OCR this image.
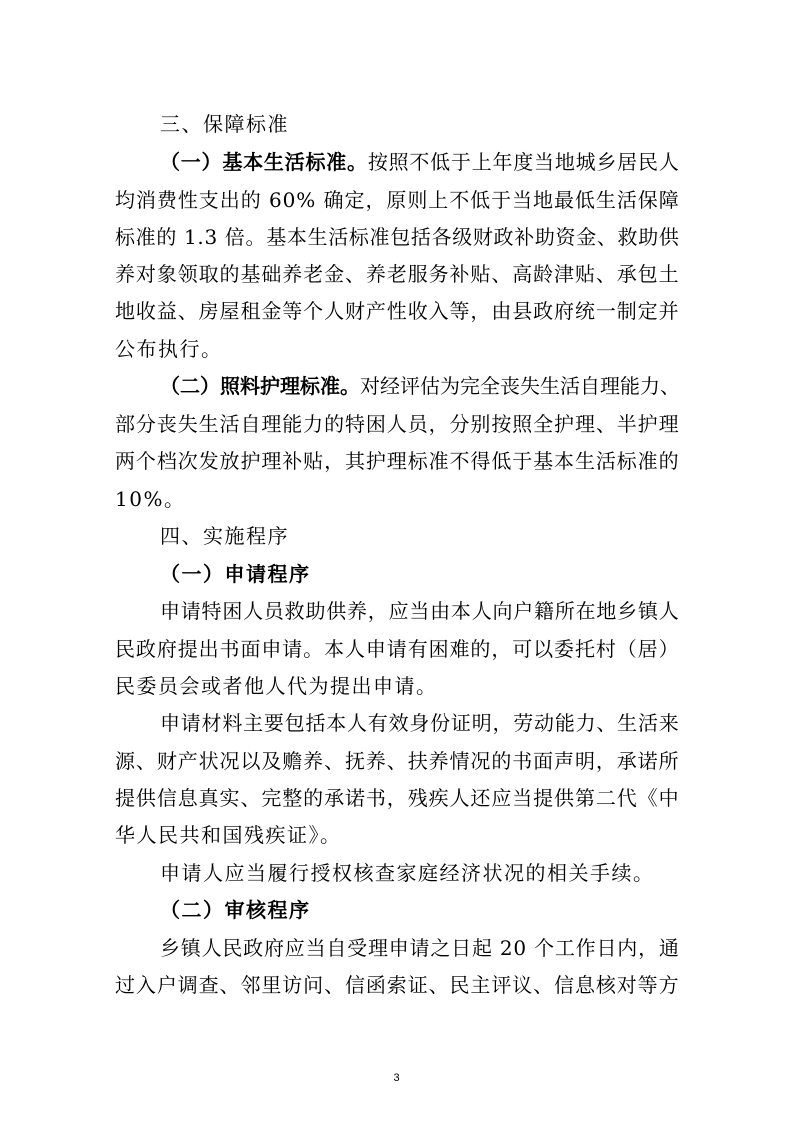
三、保障标准
（一）基本生活标准。按照不低于上年度当地城乡居民人
均消费性支出的 60% 确定，原则上不低于当地最低生活保障
标准的 1.3 倍。基本生活标准包括各级财政补助资金、救助供
养对象领取的基础养老金、养老服务补贴、高龄津贴、承包土
地收益、房屋租金等个人财产性收入等，由县政府统一制定并
公布执行。
（二）照料护理标准。对经评估为完全丧失生活自理能力、
部分丧失生活自理能力的特困人员，分别按照全护理、半护理
两个档次发放护理补贴，其护理标准不得低于基本生活标准的
10%。
四、实施程序
（一）申请程序
申请特困人员救助供养，应当由本人向户籍所在地乡镇人
民政府提出书面申请。本人申请有困难的，可以委托村（居）
民委员会或者他人代为提出申请。
申请材料主要包括本人有效身份证明，劳动能力、生活来
源、财产状况以及赡养、抚养、扶养情况的书面声明，承诺所
提供信息真实、完整的承诺书，残疾人还应当提供第二代《中
华人民共和国残疾证》。
申请人应当履行授权核查家庭经济状况的相关手续。
（二）审核程序
乡镇人民政府应当自受理申请之日起 20 个工作日内，通
过入户调查、邻里访问、信函索证、民主评议、信息核对等方
3
